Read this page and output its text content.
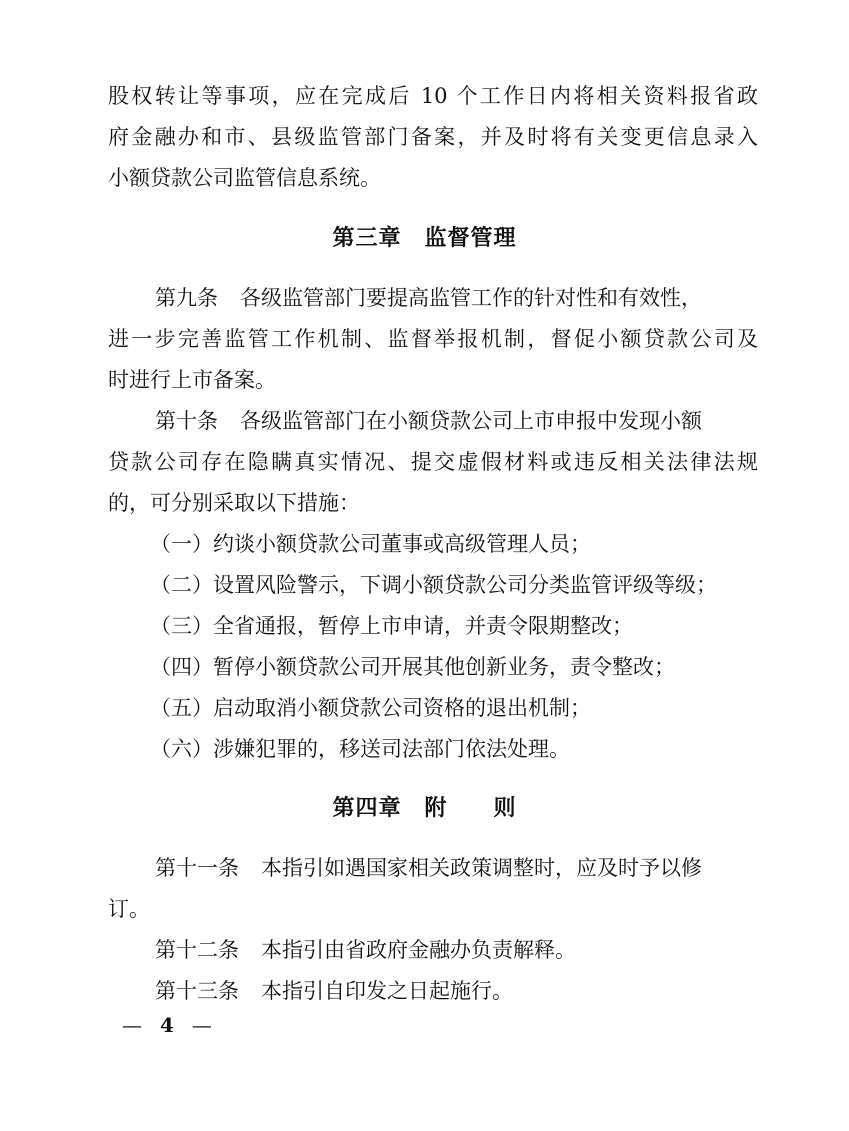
股权转让等事项，应在完成后 10 个工作日内将相关资料报省政
府金融办和市、县级监管部门备案，并及时将有关变更信息录入
小额贷款公司监管信息系统。
第三章　监督管理
第九条 各级监管部门要提高监管工作的针对性和有效性，
进一步完善监管工作机制、监督举报机制，督促小额贷款公司及
时进行上市备案。
第十条 各级监管部门在小额贷款公司上市申报中发现小额
贷款公司存在隐瞒真实情况、提交虚假材料或违反相关法律法规
的，可分别采取以下措施：
（一）约谈小额贷款公司董事或高级管理人员；
（二）设置风险警示，下调小额贷款公司分类监管评级等级；
（三）全省通报，暂停上市申请，并责令限期整改；
（四）暂停小额贷款公司开展其他创新业务，责令整改；
（五）启动取消小额贷款公司资格的退出机制；
（六）涉嫌犯罪的，移送司法部门依法处理。
第四章　附　　则
第十一条 本指引如遇国家相关政策调整时，应及时予以修
订。
第十二条 本指引由省政府金融办负责解释。
第十三条 本指引自印发之日起施行。
— 4 —
